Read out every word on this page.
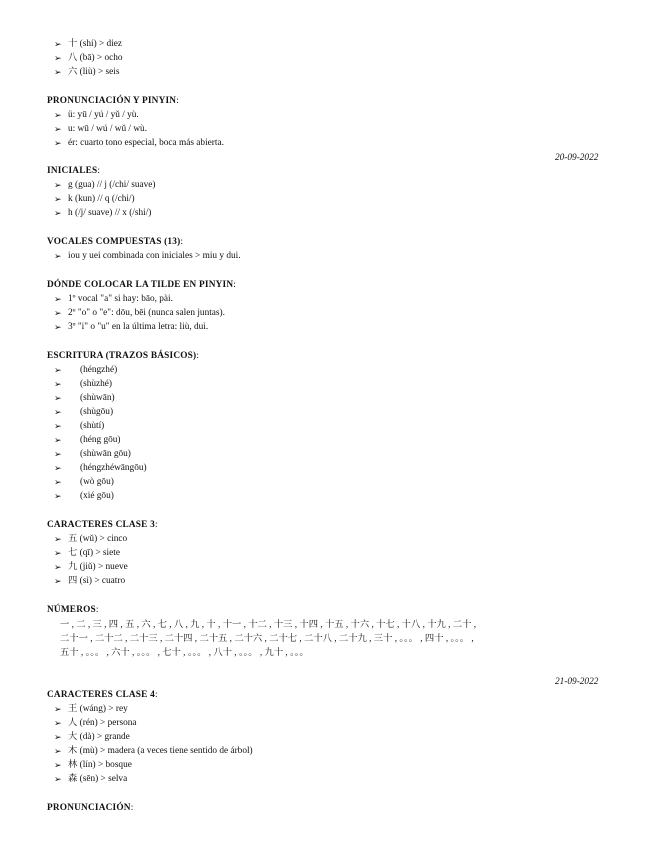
➢ 十 (shí) > diez
➢ 八 (bā) > ocho
➢ 六 (liù) > seis
PRONUNCIACIÓN Y PINYIN:
➢ ü: yū / yú / yǔ / yù.
➢ u: wū / wú / wǔ / wù.
➢ ér: cuarto tono especial, boca más abierta.
20-09-2022
INICIALES:
➢ g (gua) // j (/chi/ suave)
➢ k (kun) // q (/chi/)
➢ h (/j/ suave) // x (/shi/)
VOCALES COMPUESTAS (13):
➢ iou y uei combinada con iniciales > miu y dui.
DÓNDE COLOCAR LA TILDE EN PINYIN:
➢ 1º vocal "a" si hay: bāo, pài.
➢ 2º "o" o "e": dōu, bēi (nunca salen juntas).
➢ 3º "i" o "u" en la última letra: liù, duì.
ESCRITURA (TRAZOS BÁSICOS):
➢ (héngzhé)
➢ (shùzhé)
➢ (shùwān)
➢ (shùgōu)
➢ (shùtí)
➢ (héng gōu)
➢ (shùwān gōu)
➢ (héngzhéwāngōu)
➢ (wò gōu)
➢ (xié gōu)
CARACTERES CLASE 3:
➢ 五 (wǔ) > cinco
➢ 七 (qī) > siete
➢ 九 (jiǔ) > nueve
➢ 四 (sì) > cuatro
NÚMEROS:
一 , 二 , 三 , 四 , 五 , 六 , 七 , 八 , 九 , 十 , 十一 , 十二 , 十三 , 十四 , 十五 , 十六 , 十七 , 十八 , 十九 , 二十 ,
二十一 , 二十二 , 二十三 , 二十四 , 二十五 , 二十六 , 二十七 , 二十八 , 二十九 , 三十 , 。。。 , 四十 , 。。。 ,
五十 , 。。。 , 六十 , 。。。 , 七十 , 。。。 , 八十 , 。。。 , 九十 , 。。。
21-09-2022
CARACTERES CLASE 4:
➢ 王 (wáng) > rey
➢ 人 (rén) > persona
➢ 大 (dà) > grande
➢ 木 (mù) > madera (a veces tiene sentido de árbol)
➢ 林 (lín) > bosque
➢ 森 (sēn) > selva
PRONUNCIACIÓN:
